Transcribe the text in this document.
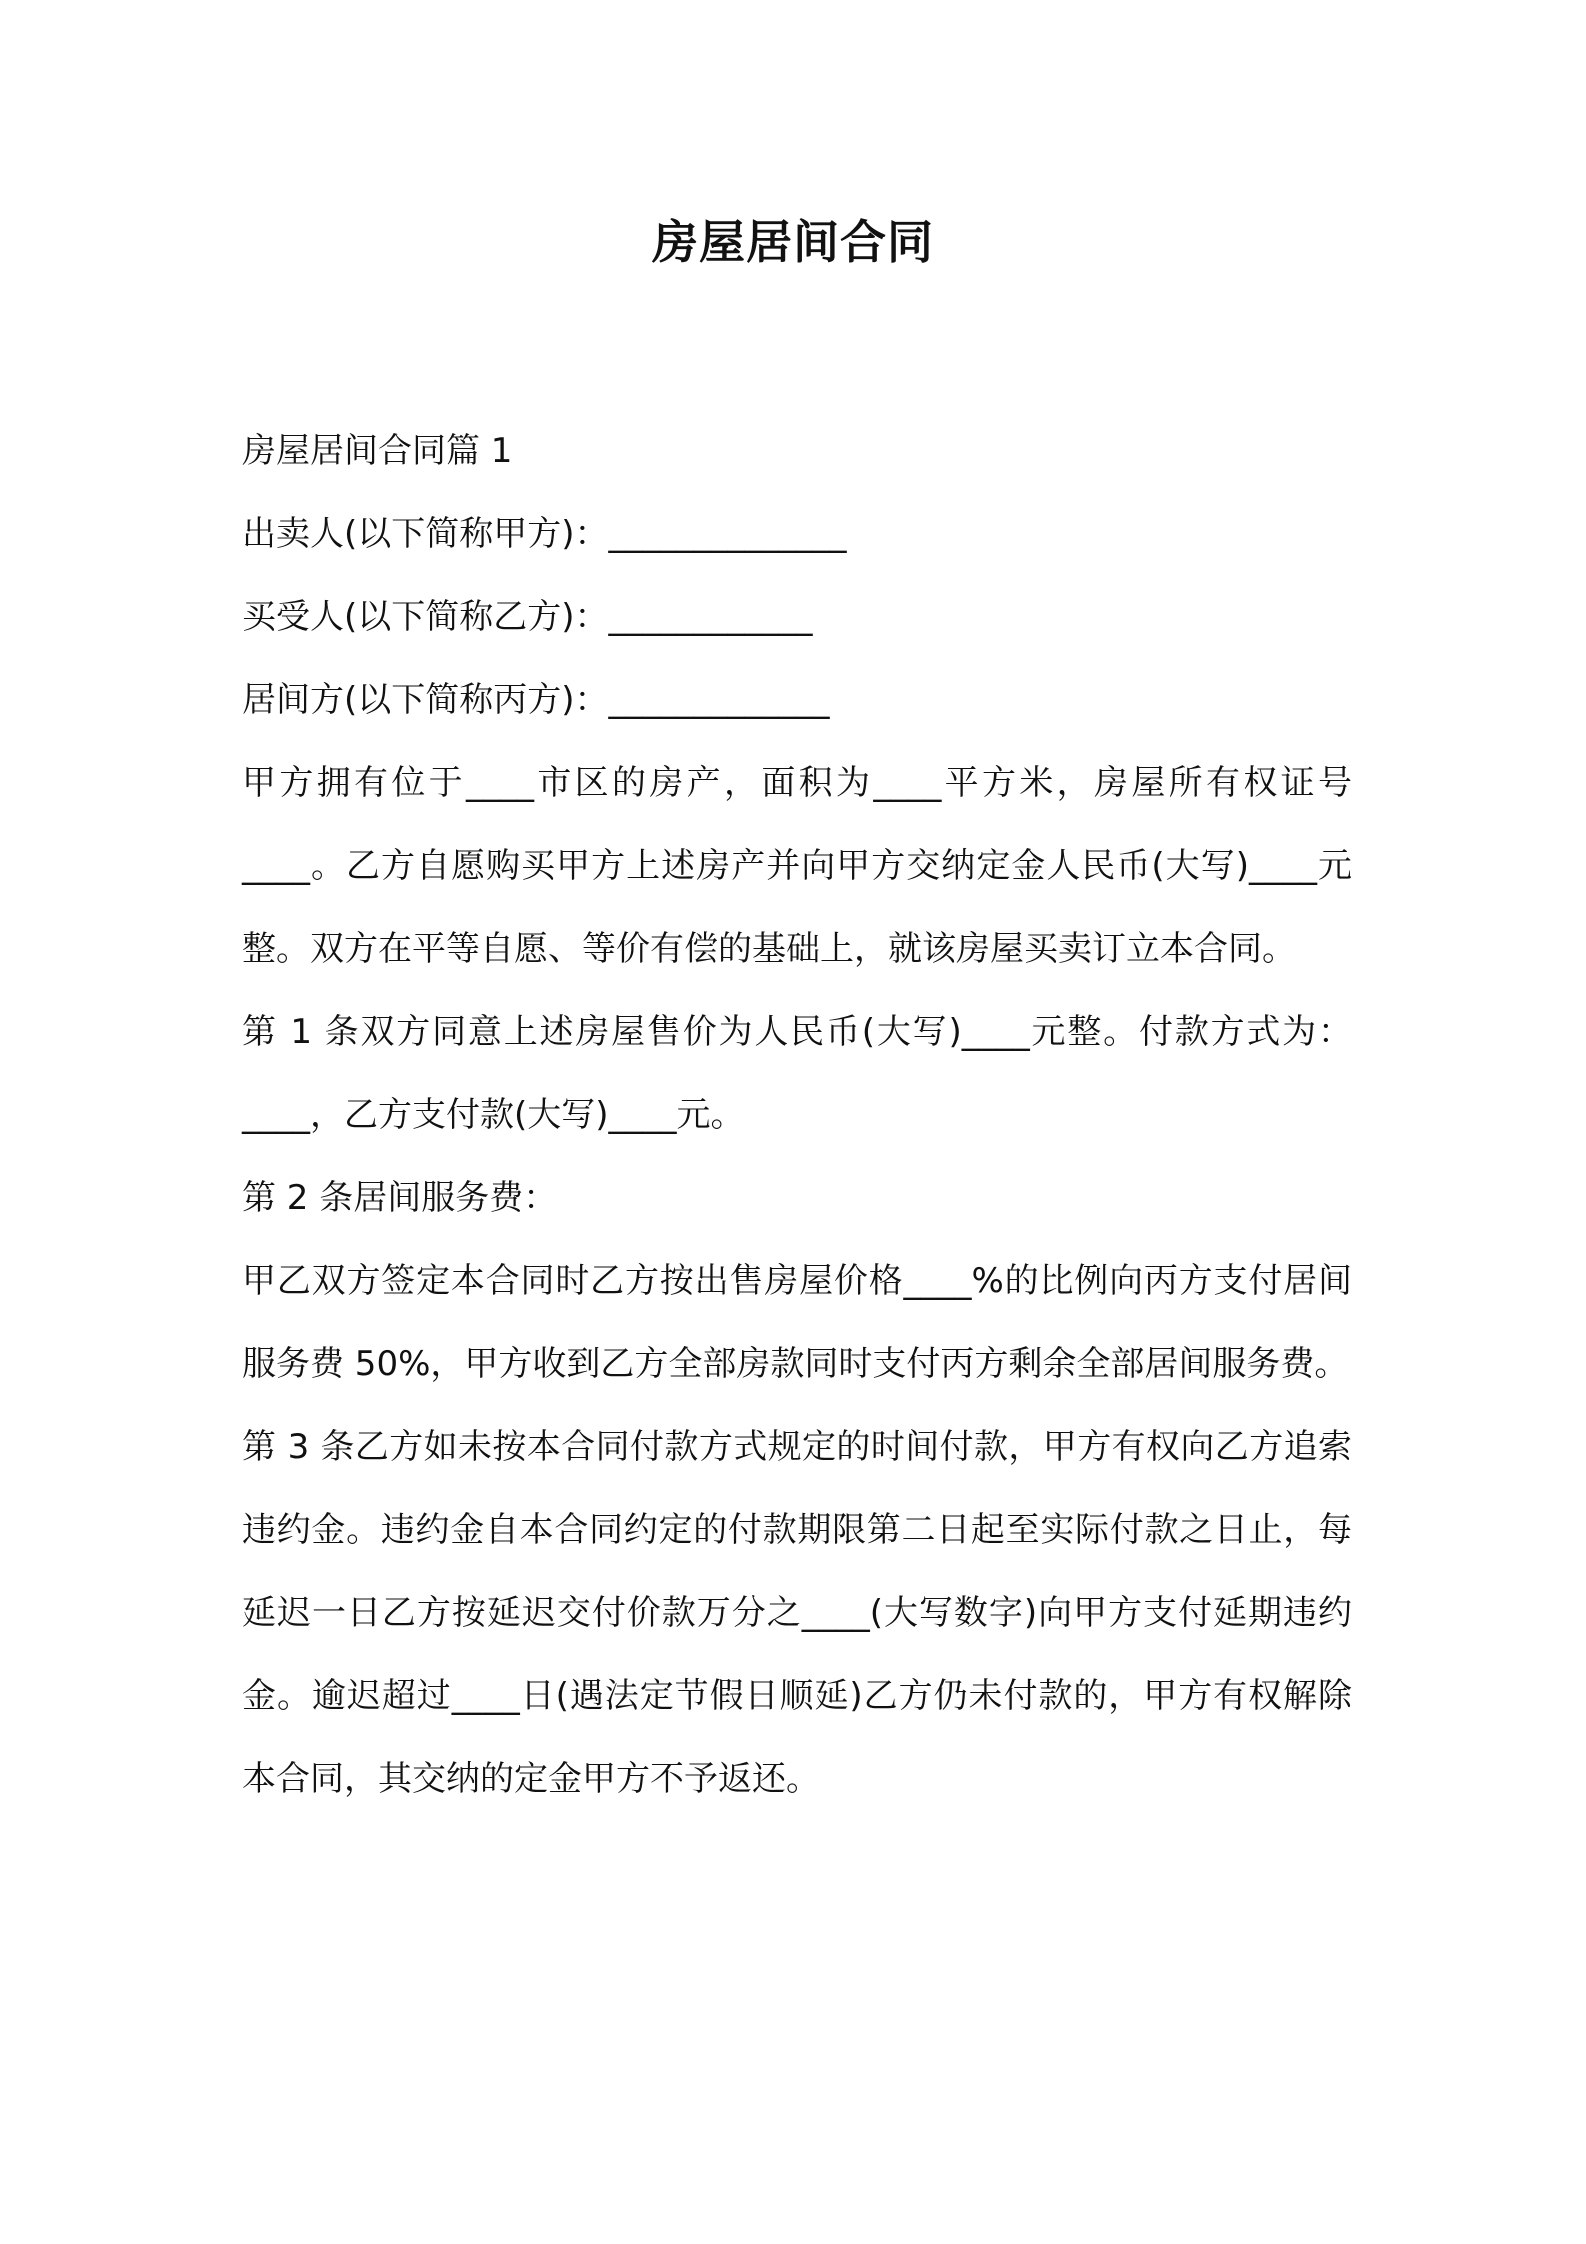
房屋居间合同
房屋居间合同篇 1
出卖人(以下简称甲方)：______________
买受人(以下简称乙方)：____________
居间方(以下简称丙方)：_____________
甲方拥有位于____市区的房产，面积为____平方米，房屋所有权证号____。乙方自愿购买甲方上述房产并向甲方交纳定金人民币(大写)____元整。双方在平等自愿、等价有偿的基础上，就该房屋买卖订立本合同。
第 1 条双方同意上述房屋售价为人民币(大写)____元整。付款方式为：____，乙方支付款(大写)____元。
第 2 条居间服务费：
甲乙双方签定本合同时乙方按出售房屋价格____%的比例向丙方支付居间服务费 50%，甲方收到乙方全部房款同时支付丙方剩余全部居间服务费。
第 3 条乙方如未按本合同付款方式规定的时间付款，甲方有权向乙方追索违约金。违约金自本合同约定的付款期限第二日起至实际付款之日止，每延迟一日乙方按延迟交付价款万分之____(大写数字)向甲方支付延期违约金。逾迟超过____日(遇法定节假日顺延)乙方仍未付款的，甲方有权解除本合同，其交纳的定金甲方不予返还。
